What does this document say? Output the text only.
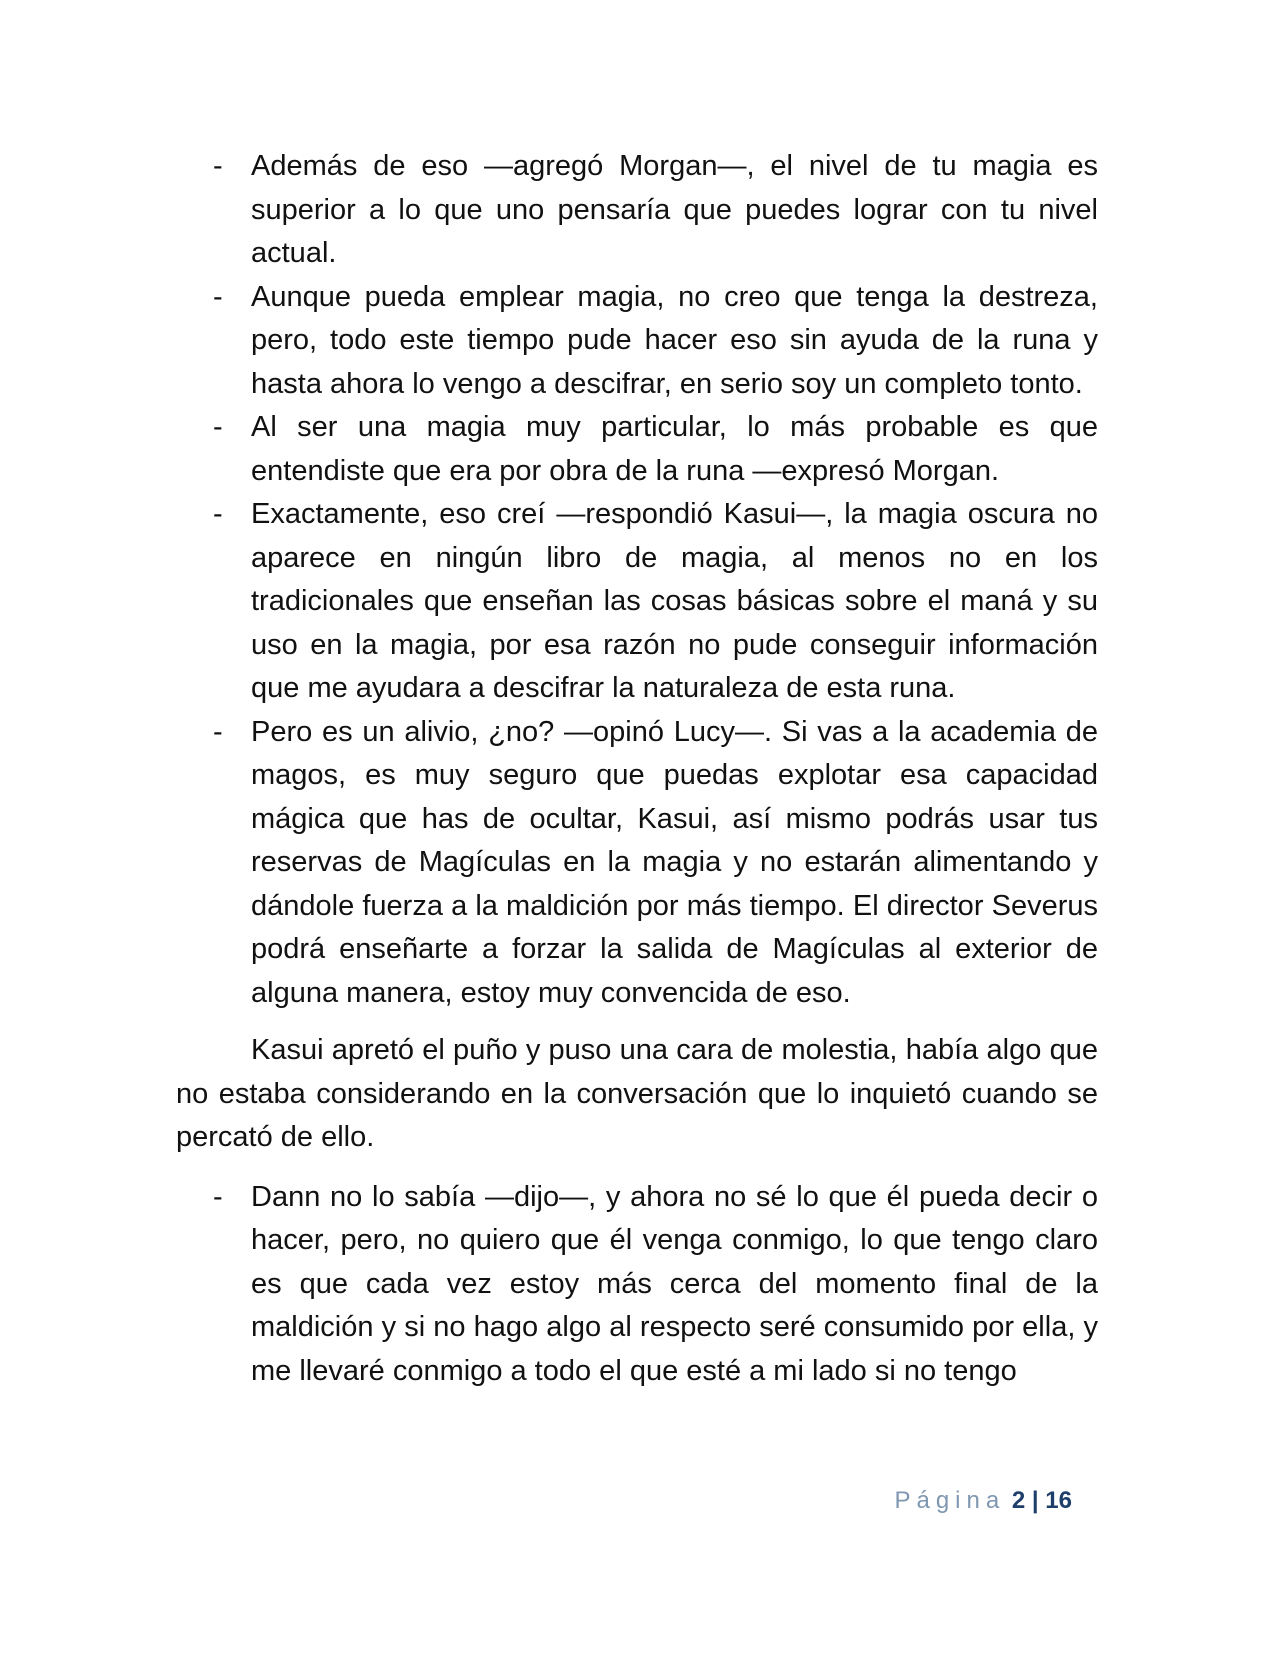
- Además de eso —agregó Morgan—, el nivel de tu magia es superior a lo que uno pensaría que puedes lograr con tu nivel actual.

- Aunque pueda emplear magia, no creo que tenga la destreza, pero, todo este tiempo pude hacer eso sin ayuda de la runa y hasta ahora lo vengo a descifrar, en serio soy un completo tonto.

- Al ser una magia muy particular, lo más probable es que entendiste que era por obra de la runa —expresó Morgan.

- Exactamente, eso creí —respondió Kasui—, la magia oscura no aparece en ningún libro de magia, al menos no en los tradicionales que enseñan las cosas básicas sobre el maná y su uso en la magia, por esa razón no pude conseguir información que me ayudara a descifrar la naturaleza de esta runa.

- Pero es un alivio, ¿no? —opinó Lucy—. Si vas a la academia de magos, es muy seguro que puedas explotar esa capacidad mágica que has de ocultar, Kasui, así mismo podrás usar tus reservas de Magículas en la magia y no estarán alimentando y dándole fuerza a la maldición por más tiempo. El director Severus podrá enseñarte a forzar la salida de Magículas al exterior de alguna manera, estoy muy convencida de eso.

Kasui apretó el puño y puso una cara de molestia, había algo que no estaba considerando en la conversación que lo inquietó cuando se percató de ello.

- Dann no lo sabía —dijo—, y ahora no sé lo que él pueda decir o hacer, pero, no quiero que él venga conmigo, lo que tengo claro es que cada vez estoy más cerca del momento final de la maldición y si no hago algo al respecto seré consumido por ella, y me llevaré conmigo a todo el que esté a mi lado si no tengo

Página 2 | 16
